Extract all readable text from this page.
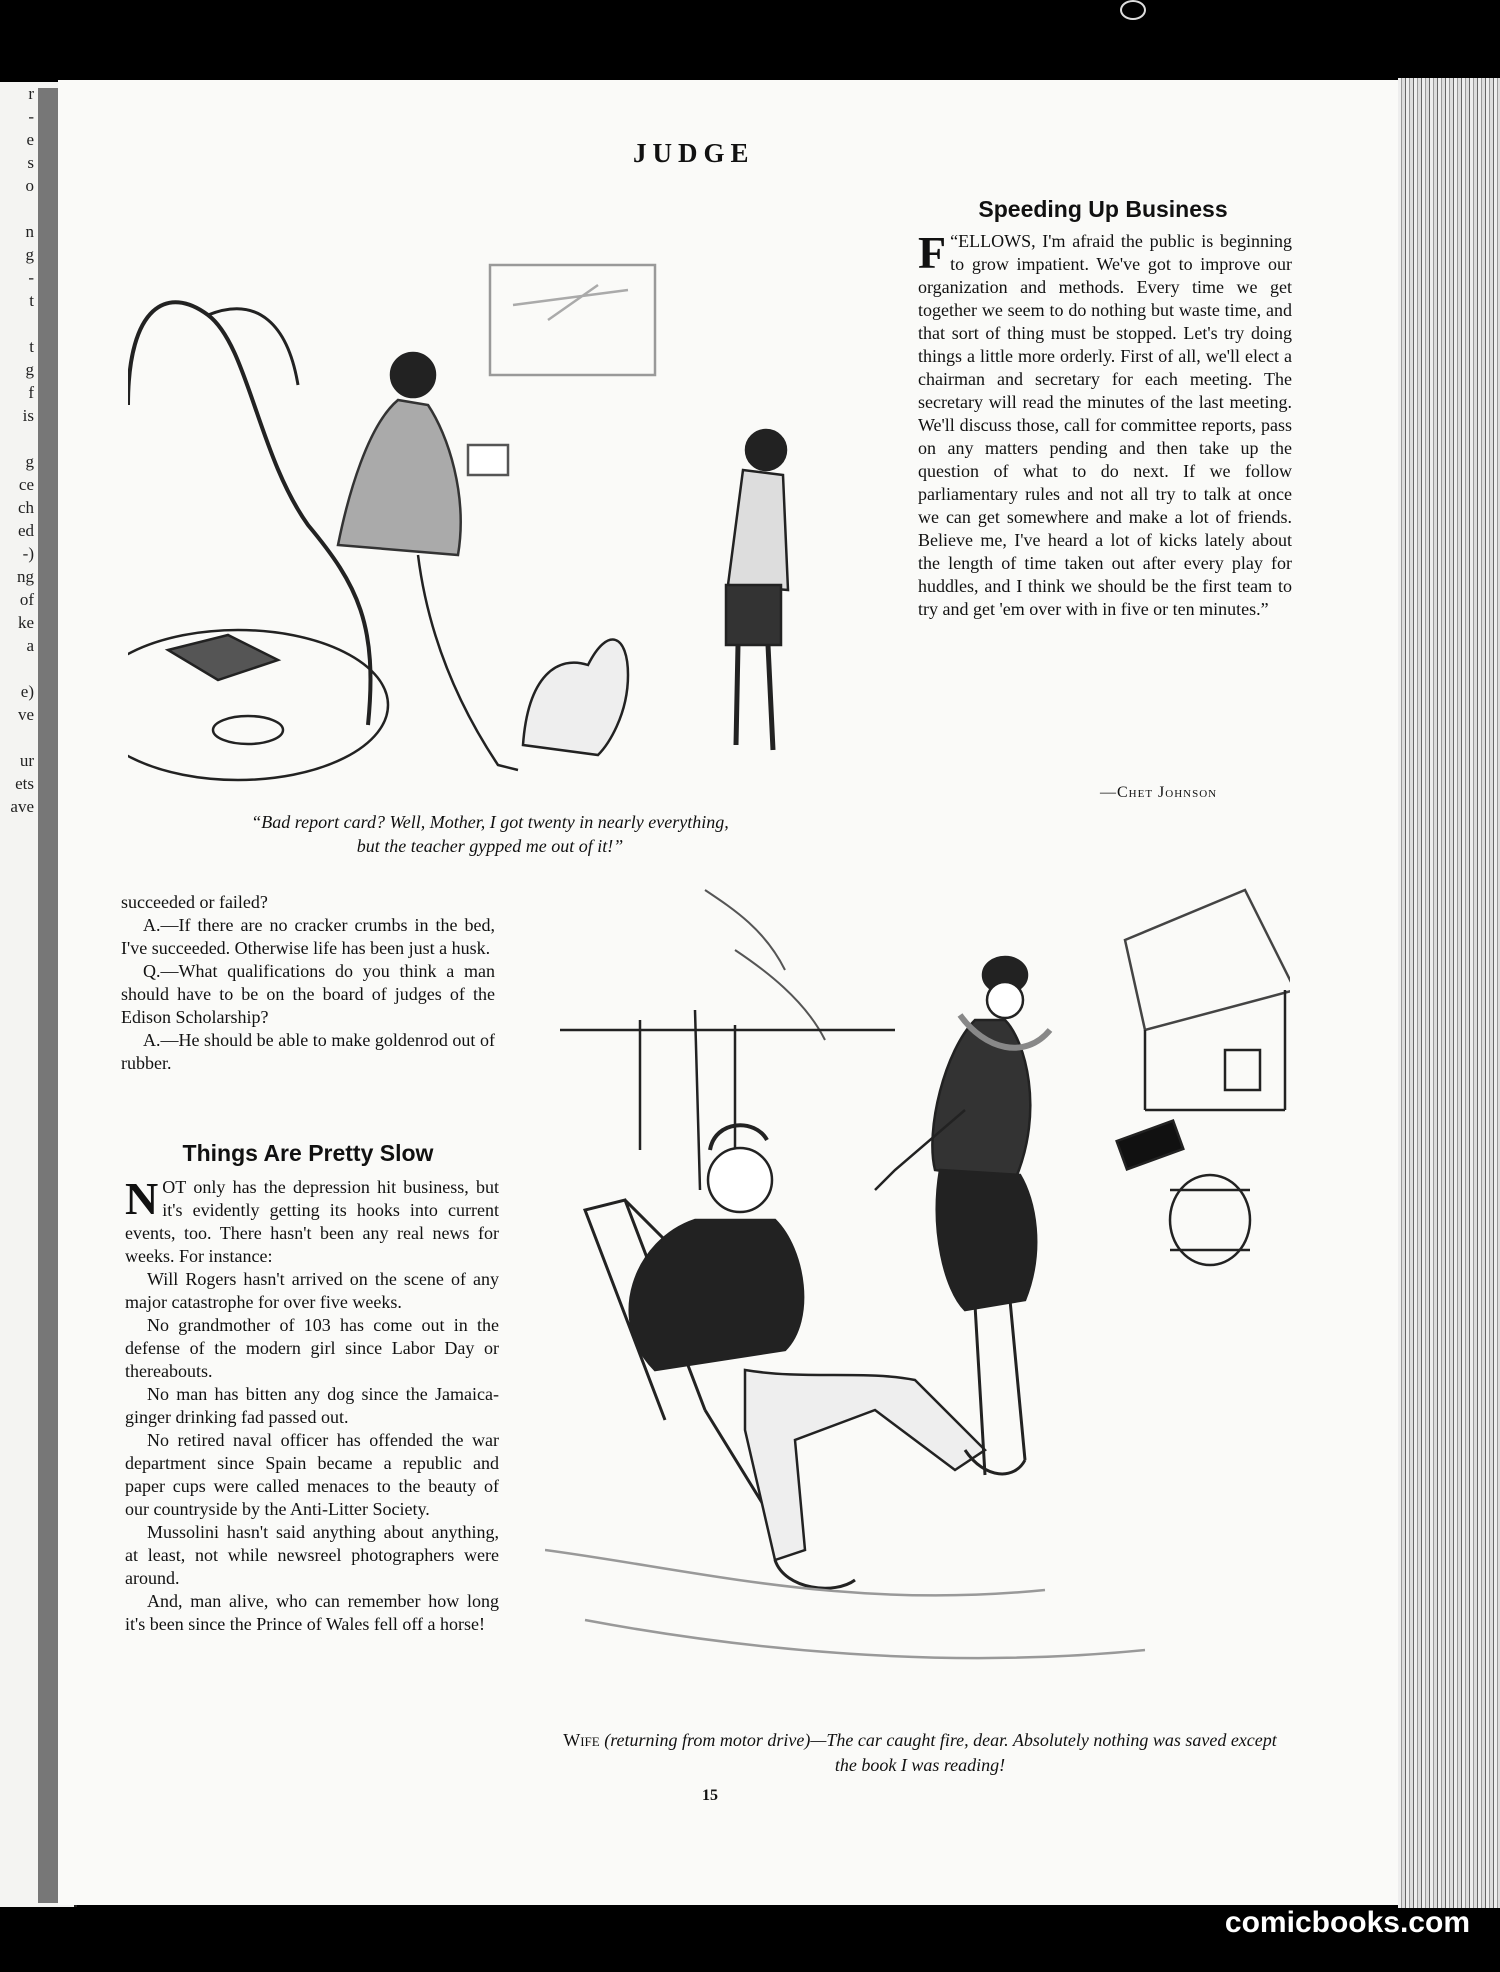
r
-
e
s
o

n
g
-
t

t
g
f
is

g
ce
ch
ed
-)
ng
of
ke
a

e)
ve

ur
ets
ave
JUDGE
“Bad report card? Well, Mother, I got twenty in nearly everything,
but the teacher gypped me out of it!”
Speeding Up Business

“
F ELLOWS, I'm afraid the public is beginning to grow impatient. We've got to improve our organization and methods. Every time we get together we seem to do nothing but waste time, and that sort of thing must be stopped. Let's try doing things a little more orderly. First of all, we'll elect a chairman and secretary for each meeting. The secretary will read the minutes of the last meeting. We'll discuss those, call for committee reports, pass on any matters pending and then take up the question of what to do next. If we follow parliamentary rules and not all try to talk at once we can get somewhere and make a lot of friends. Believe me, I've heard a lot of kicks lately about the length of time taken out after every play for huddles, and I think we should be the first team to try and get 'em over with in five or ten minutes.”

—Chet Johnson

succeeded or failed?

A.—If there are no cracker crumbs in the bed, I've succeeded. Otherwise life has been just a husk.

Q.—What qualifications do you think a man should have to be on the board of judges of the Edison Scholarship?

A.—He should be able to make goldenrod out of rubber.

Things Are Pretty Slow

NOT only has the depression hit business, but it's evidently getting its hooks into current events, too. There hasn't been any real news for weeks. For instance:

Will Rogers hasn't arrived on the scene of any major catastrophe for over five weeks.

No grandmother of 103 has come out in the defense of the modern girl since Labor Day or thereabouts.

No man has bitten any dog since the Jamaica-ginger drinking fad passed out.

No retired naval officer has offended the war department since Spain became a republic and paper cups were called menaces to the beauty of our countryside by the Anti-Litter Society.

Mussolini hasn't said anything about anything, at least, not while newsreel photographers were around.

And, man alive, who can remember how long it's been since the Prince of Wales fell off a horse!

Wife (returning from motor drive)—The car caught fire, dear. Absolutely nothing was saved except the book I was reading!
15
comicbooks.com
